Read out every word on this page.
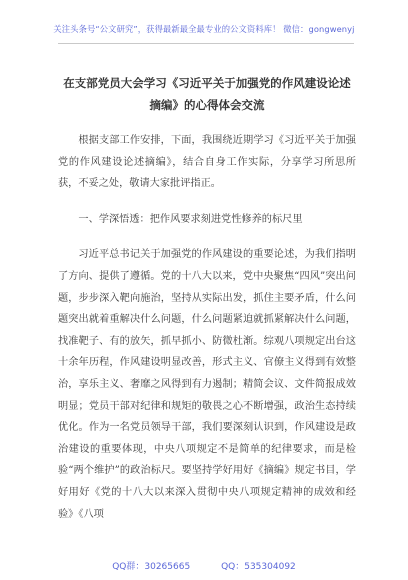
关注头条号“公文研究”，获得最新最全最专业的公文资料库！ 微信：gongwenyj
在支部党员大会学习《习近平关于加强党的作风建设论述
摘编》的心得体会交流

根据支部工作安排，下面，我围绕近期学习《习近平关于加强党的作风建设论述摘编》，结合自身工作实际，分享学习所思所获，不妥之处，敬请大家批评指正。

一、学深悟透：把作风要求刻进党性修养的标尺里

习近平总书记关于加强党的作风建设的重要论述，为我们指明了方向、提供了遵循。党的十八大以来，党中央聚焦“四风”突出问题，步步深入靶向施治，坚持从实际出发，抓住主要矛盾，什么问题突出就着重解决什么问题，什么问题紧迫就抓紧解决什么问题，找准靶子、有的放矢，抓早抓小、防微杜渐。综观八项规定出台这十余年历程，作风建设明显改善，形式主义、官僚主义得到有效整治，享乐主义、奢靡之风得到有力遏制；精简会议、文件简报成效明显；党员干部对纪律和规矩的敬畏之心不断增强，政治生态持续优化。作为一名党员领导干部，我们要深刻认识到，作风建设是政治建设的重要体现，中央八项规定不是简单的纪律要求，而是检验“两个维护”的政治标尺。要坚持学好用好《摘编》规定书目，学好用好《党的十八大以来深入贯彻中央八项规定精神的成效和经验》《八项

QQ群：30265665	QQ：535304092
